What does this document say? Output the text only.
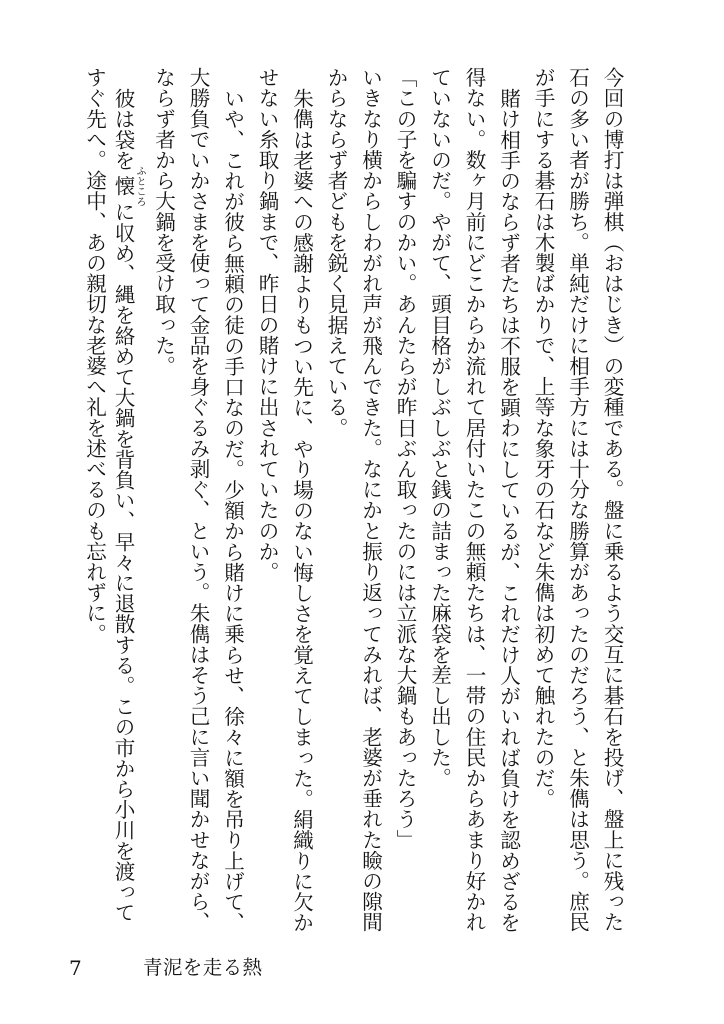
今回の博打は弾棋（おはじき）の変種である。盤に乗るよう交互に碁石を投げ、盤上に残った
石の多い者が勝ち。単純だけに相手方には十分な勝算があったのだろう、と朱儁は思う。庶民
が手にする碁石は木製ばかりで、上等な象牙の石など朱儁は初めて触れたのだ。
賭け相手のならず者たちは不服を顕わにしているが、これだけ人がいれば負けを認めざるを
得ない。数ヶ月前にどこからか流れて居付いたこの無頼たちは、一帯の住民からあまり好かれ
ていないのだ。やがて、頭目格がしぶしぶと銭の詰まった麻袋を差し出した。
「この子を騙すのかい。あんたらが昨日ぶん取ったのには立派な大鍋もあったろう」
いきなり横からしわがれ声が飛んできた。なにかと振り返ってみれば、老婆が垂れた瞼の隙間
からならず者どもを鋭く見据えている。
朱儁は老婆への感謝よりもつい先に、やり場のない悔しさを覚えてしまった。絹織りに欠か
せない糸取り鍋まで、昨日の賭けに出されていたのか。
いや、これが彼ら無頼の徒の手口なのだ。少額から賭けに乗らせ、徐々に額を吊り上げて、
大勝負でいかさまを使って金品を身ぐるみ剥ぐ、という。朱儁はそう己に言い聞かせながら、
ならず者から大鍋を受け取った。
彼は袋を懐 ふところに収め、縄を絡めて大鍋を背負い、早々に退散する。この市から小川を渡って
すぐ先へ。途中、あの親切な老婆へ礼を述べるのも忘れずに。
7	青泥を走る熱
